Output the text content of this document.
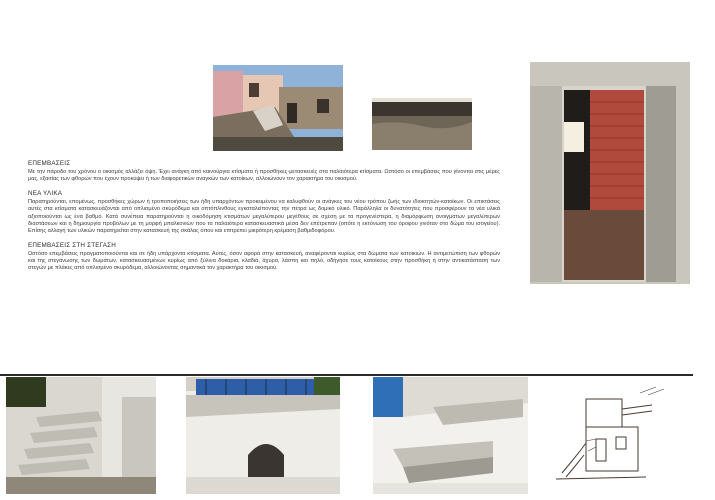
ΕΠΕΜΒΑΣΕΙΣ

Με την πάροδο του χρόνου ο οικισμός αλλάζει όψη. Έχει ανάγκη από καινούργια κτίσματα ή προσθήκες-μετασκευές στα παλαιότερα κτίσματα. Ωστόσο οι επεμβάσεις που γίνονται στις μέρες μας, εξαιτίας των φθορών που έχουν προκύψει ή των διαφορετικών αναγκών των κατοίκων, αλλοιώνουν τον χαρακτήρα του οικισμού.

ΝΕΑ ΥΛΙΚΑ

Παρατηρούνται, επομένως, προσθήκες χώρων ή τροποποιήσεις των ήδη υπαρχόντων προκειμένου να καλυφθούν οι ανάγκες του νέου τρόπου ζωής των ιδιοκτητών-κατοίκων. Οι επικτάσεις αυτές στα κτίσματα κατασκευάζονται από οπλισμένο σκυρόδεμα και οπτόπλινθους εγκαταλείποντας την πέτρα ως δομικό υλικό. Παράλληλα οι δυνατότητες που προσφέρουν τα νέα υλικά αξιοποιούνται ως ένα βαθμό. Κατά συνέπεια παρατηρούνται η οικοδόμηση κτισμάτων μεγαλύτερου μεγέθους σε σχέση με τα προγενέστερα, η διαμόρφωση ανοιγμάτων μεγαλύτερων διαστάσεων και η δημιουργία προβόλων με τη μορφή μπαλκονιών που τα παλαιότερα κατασκευαστικά μέσα δεν επέτρεπαν (οπότε η εκτόνωση του όροφου γινόταν στο δώμα του ισογείου). Επίσης αλλαγή των υλικών παρατηρείται στην κατασκευή της σκάλας όπου και επιτρέπει μικρότερη κρέμαση βαθμιδοφόρου.

ΕΠΕΜΒΑΣΕΙΣ ΣΤΗ ΣΤΕΓΑΣΗ

Ωστόσο επεμβάσεις πραγματοποιούνται και σε ήδη υπάρχοντα κτίσματα. Αυτές, όσον αφορά στην κατασκευή, αναφέρονται κυρίως στα δώματα των κατοικιών. Η αντιμετώπιση των φθορών και της στεγάνωσης των δωμάτων, κατασκευασμένων κυρίως από ξύλινα δοκάρια, κλαδιά, άχυρα, λάσπη και πηλό, οδήγησε τους κατοίκους στην προσθήκη ή στην αντικατάσταση των στεγών με πλάκες από οπλισμένο σκυρόδεμα, αλλοιώνοντας σημαντικά τον χαρακτήρα του οικισμού.
